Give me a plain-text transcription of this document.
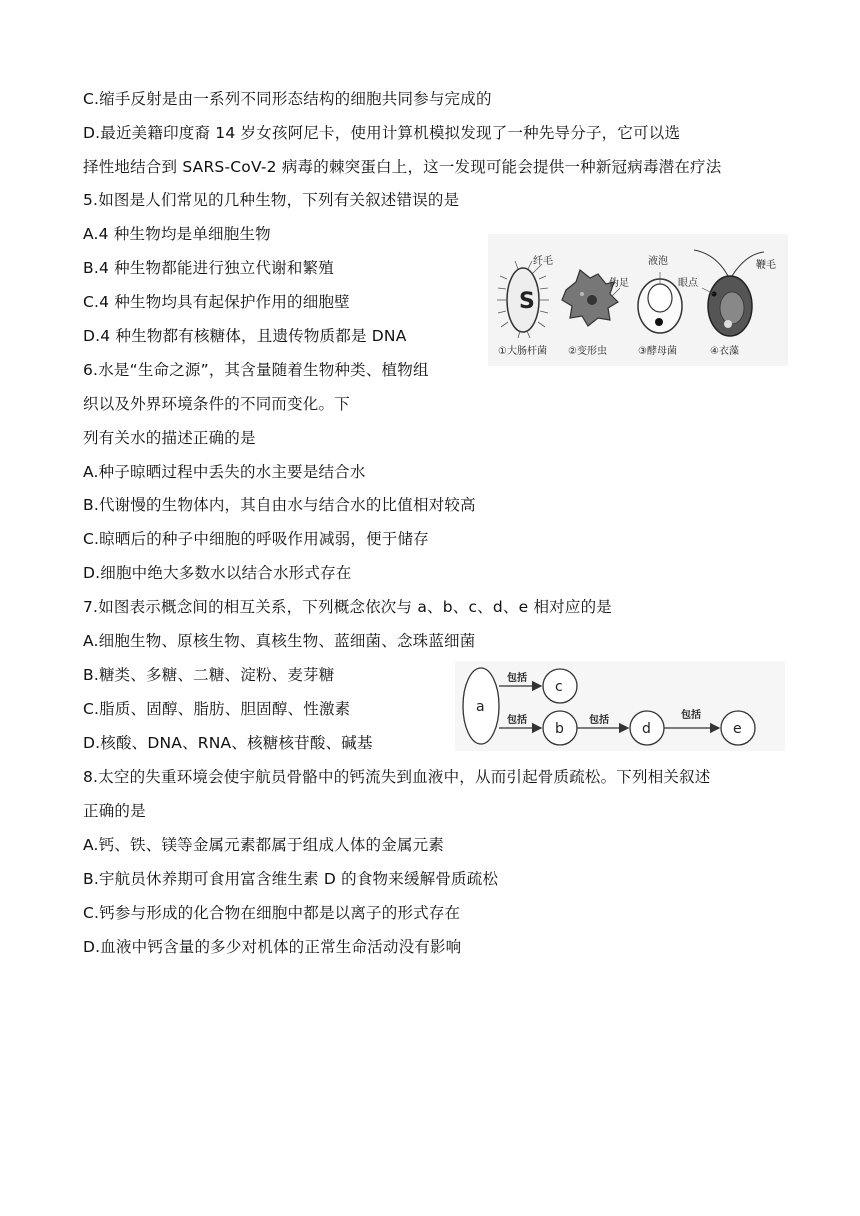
C.缩手反射是由一系列不同形态结构的细胞共同参与完成的
D.最近美籍印度裔 14 岁女孩阿尼卡，使用计算机模拟发现了一种先导分子，它可以选
择性地结合到 SARS-CoV-2 病毒的棘突蛋白上，这一发现可能会提供一种新冠病毒潜在疗法
5.如图是人们常见的几种生物，下列有关叙述错误的是
A.4 种生物均是单细胞生物
B.4 种生物都能进行独立代谢和繁殖
C.4 种生物均具有起保护作用的细胞壁
D.4 种生物都有核糖体，且遗传物质都是 DNA
6.水是“生命之源”，其含量随着生物种类、植物组
织以及外界环境条件的不同而变化。下
列有关水的描述正确的是
A.种子晾晒过程中丢失的水主要是结合水
B.代谢慢的生物体内，其自由水与结合水的比值相对较高
C.晾晒后的种子中细胞的呼吸作用减弱，便于储存
D.细胞中绝大多数水以结合水形式存在
7.如图表示概念间的相互关系，下列概念依次与 a、b、c、d、e 相对应的是
A.细胞生物、原核生物、真核生物、蓝细菌、念珠蓝细菌
B.糖类、多糖、二糖、淀粉、麦芽糖
C.脂质、固醇、脂肪、胆固醇、性激素
D.核酸、DNA、RNA、核糖核苷酸、碱基
8.太空的失重环境会使宇航员骨骼中的钙流失到血液中，从而引起骨质疏松。下列相关叙述
正确的是
A.钙、铁、镁等金属元素都属于组成人体的金属元素
B.宇航员休养期可食用富含维生素 D 的食物来缓解骨质疏松
C.钙参与形成的化合物在细胞中都是以离子的形式存在
D.血液中钙含量的多少对机体的正常生命活动没有影响
S
纤毛
伪足
液泡
眼点
鞭毛
①大肠杆菌 ②变形虫	③酵母菌	④衣藻
包括
包括	包括	包括
a
b
c
d	e
